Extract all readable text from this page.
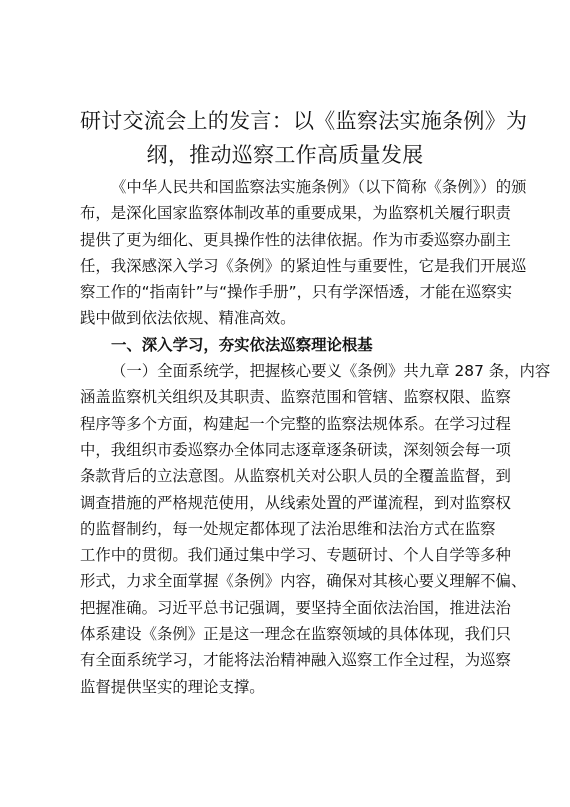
研讨交流会上的发言：以《监察法实施条例》为
纲，推动巡察工作高质量发展
《中华人民共和国监察法实施条例》（以下简称《条例》）的颁
布，是深化国家监察体制改革的重要成果，为监察机关履行职责
提供了更为细化、更具操作性的法律依据。作为市委巡察办副主
任，我深感深入学习《条例》的紧迫性与重要性，它是我们开展巡
察工作的“指南针”与“操作手册”，只有学深悟透，才能在巡察实
践中做到依法依规、精准高效。
一、深入学习，夯实依法巡察理论根基
（一）全面系统学，把握核心要义《条例》共九章 287 条，内容
涵盖监察机关组织及其职责、监察范围和管辖、监察权限、监察
程序等多个方面，构建起一个完整的监察法规体系。在学习过程
中，我组织市委巡察办全体同志逐章逐条研读，深刻领会每一项
条款背后的立法意图。从监察机关对公职人员的全覆盖监督，到
调查措施的严格规范使用，从线索处置的严谨流程，到对监察权
的监督制约，每一处规定都体现了法治思维和法治方式在监察
工作中的贯彻。我们通过集中学习、专题研讨、个人自学等多种
形式，力求全面掌握《条例》内容，确保对其核心要义理解不偏、
把握准确。习近平总书记强调，要坚持全面依法治国，推进法治
体系建设《条例》正是这一理念在监察领域的具体体现，我们只
有全面系统学习，才能将法治精神融入巡察工作全过程，为巡察
监督提供坚实的理论支撑。
